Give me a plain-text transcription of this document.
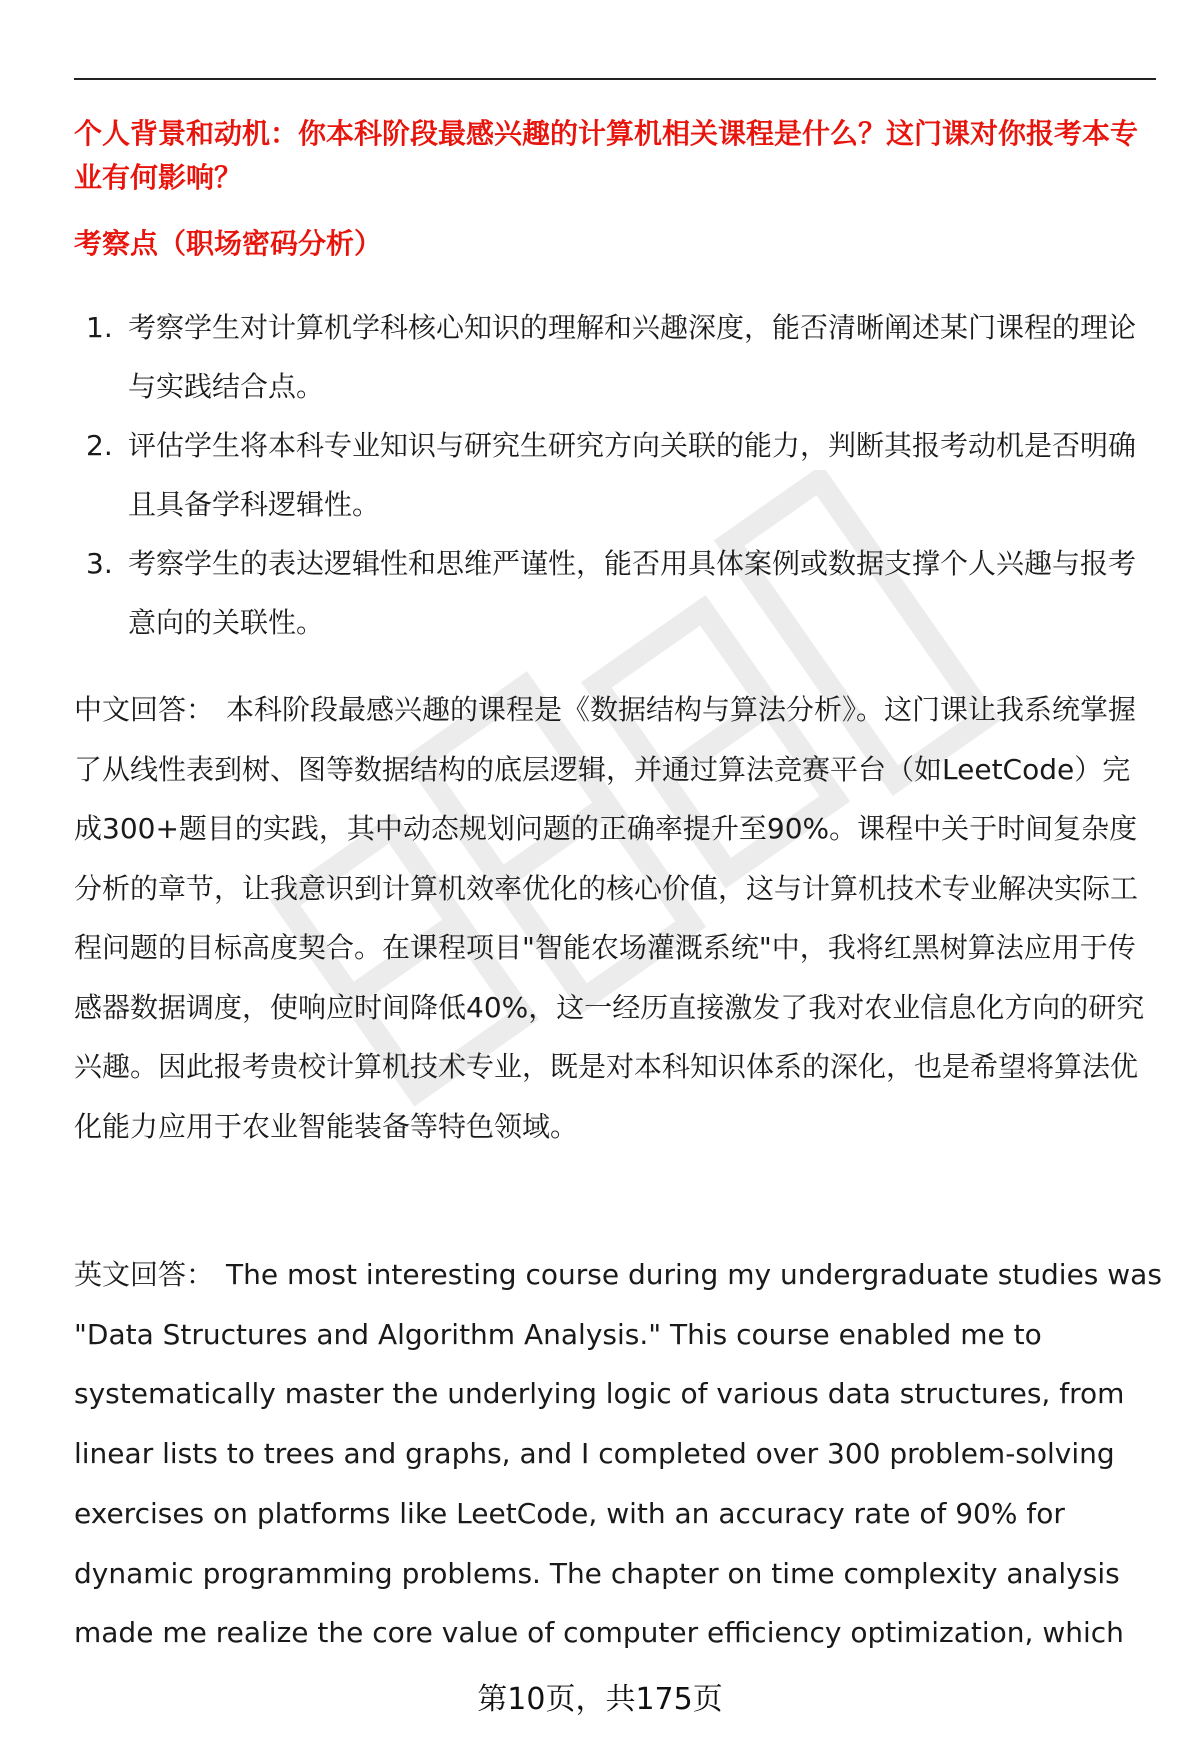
个人背景和动机：你本科阶段最感兴趣的计算机相关课程是什么？这门课对你报考本专业有何影响？

考察点（职场密码分析）

1. 考察学生对计算机学科核心知识的理解和兴趣深度，能否清晰阐述某门课程的理论与实践结合点。
2. 评估学生将本科专业知识与研究生研究方向关联的能力，判断其报考动机是否明确且具备学科逻辑性。
3. 考察学生的表达逻辑性和思维严谨性，能否用具体案例或数据支撑个人兴趣与报考意向的关联性。

中文回答： 本科阶段最感兴趣的课程是《数据结构与算法分析》。这门课让我系统掌握了从线性表到树、图等数据结构的底层逻辑，并通过算法竞赛平台（如LeetCode）完成300+题目的实践，其中动态规划问题的正确率提升至90%。课程中关于时间复杂度分析的章节，让我意识到计算机效率优化的核心价值，这与计算机技术专业解决实际工程问题的目标高度契合。在课程项目"智能农场灌溉系统"中，我将红黑树算法应用于传感器数据调度，使响应时间降低40%，这一经历直接激发了我对农业信息化方向的研究兴趣。因此报考贵校计算机技术专业，既是对本科知识体系的深化，也是希望将算法优化能力应用于农业智能装备等特色领域。

英文回答： The most interesting course during my undergraduate studies was "Data Structures and Algorithm Analysis." This course enabled me to systematically master the underlying logic of various data structures, from linear lists to trees and graphs, and I completed over 300 problem-solving exercises on platforms like LeetCode, with an accuracy rate of 90% for dynamic programming problems. The chapter on time complexity analysis made me realize the core value of computer efficiency optimization, which

第10页，共175页
